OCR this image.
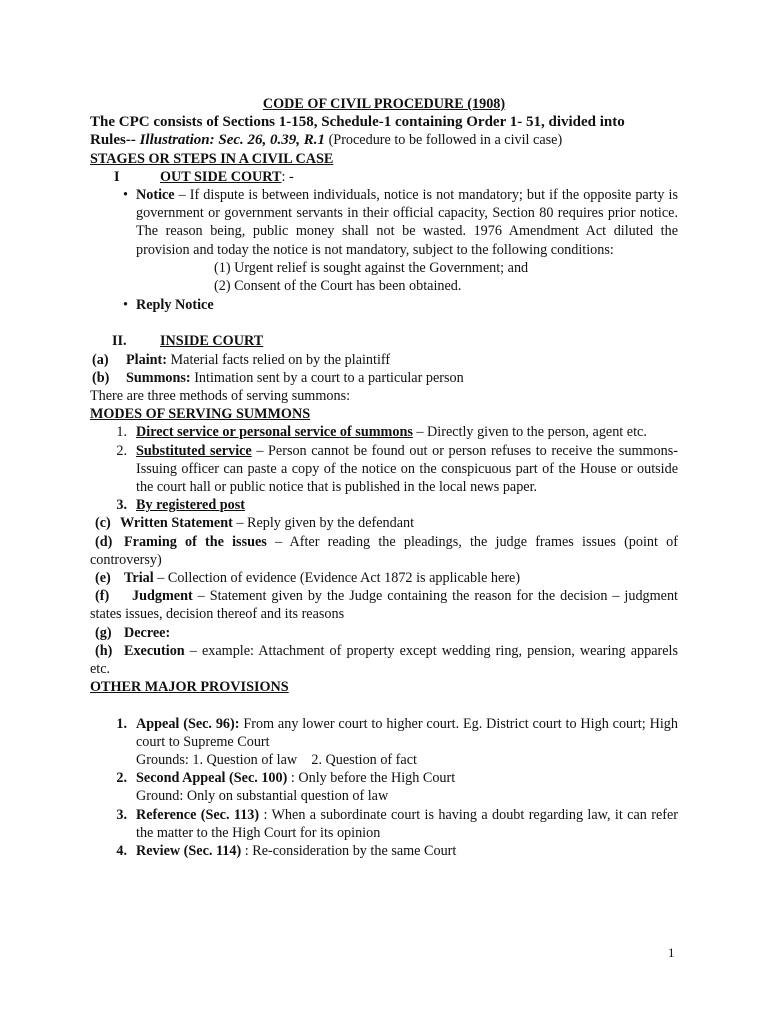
CODE OF CIVIL PROCEDURE (1908)

The CPC consists of Sections 1-158, Schedule-1 containing Order 1- 51, divided into

Rules-- Illustration: Sec. 26, 0.39, R.1 (Procedure to be followed in a civil case)

STAGES OR STEPS IN A CIVIL CASE

I	OUT SIDE COURT: -

• Notice – If dispute is between individuals, notice is not mandatory; but if the opposite party is government or government servants in their official capacity, Section 80 requires prior notice. The reason being, public money shall not be wasted. 1976 Amendment Act diluted the provision and today the notice is not mandatory, subject to the following conditions:

(1) Urgent relief is sought against the Government; and

(2) Consent of the Court has been obtained.

• Reply Notice

II. INSIDE COURT

(a) Plaint: Material facts relied on by the plaintiff

(b) Summons: Intimation sent by a court to a particular person

There are three methods of serving summons:

MODES OF SERVING SUMMONS

1. Direct service or personal service of summons – Directly given to the person, agent etc.

2. Substituted service – Person cannot be found out or person refuses to receive the summons- Issuing officer can paste a copy of the notice on the conspicuous part of the House or outside the court hall or public notice that is published in the local news paper.

3. By registered post

(c) Written Statement – Reply given by the defendant

(d) Framing of the issues – After reading the pleadings, the judge frames issues (point of controversy)

(e) Trial – Collection of evidence (Evidence Act 1872 is applicable here)

(f) Judgment – Statement given by the Judge containing the reason for the decision – judgment states issues, decision thereof and its reasons

(g) Decree:

(h) Execution – example: Attachment of property except wedding ring, pension, wearing apparels etc.

OTHER MAJOR PROVISIONS

1. Appeal (Sec. 96): From any lower court to higher court. Eg. District court to High court; High court to Supreme Court

Grounds: 1. Question of law    2. Question of fact

2. Second Appeal (Sec. 100) : Only before the High Court

Ground: Only on substantial question of law

3. Reference (Sec. 113) : When a subordinate court is having a doubt regarding law, it can refer the matter to the High Court for its opinion

4. Review (Sec. 114) : Re-consideration by the same Court

1
